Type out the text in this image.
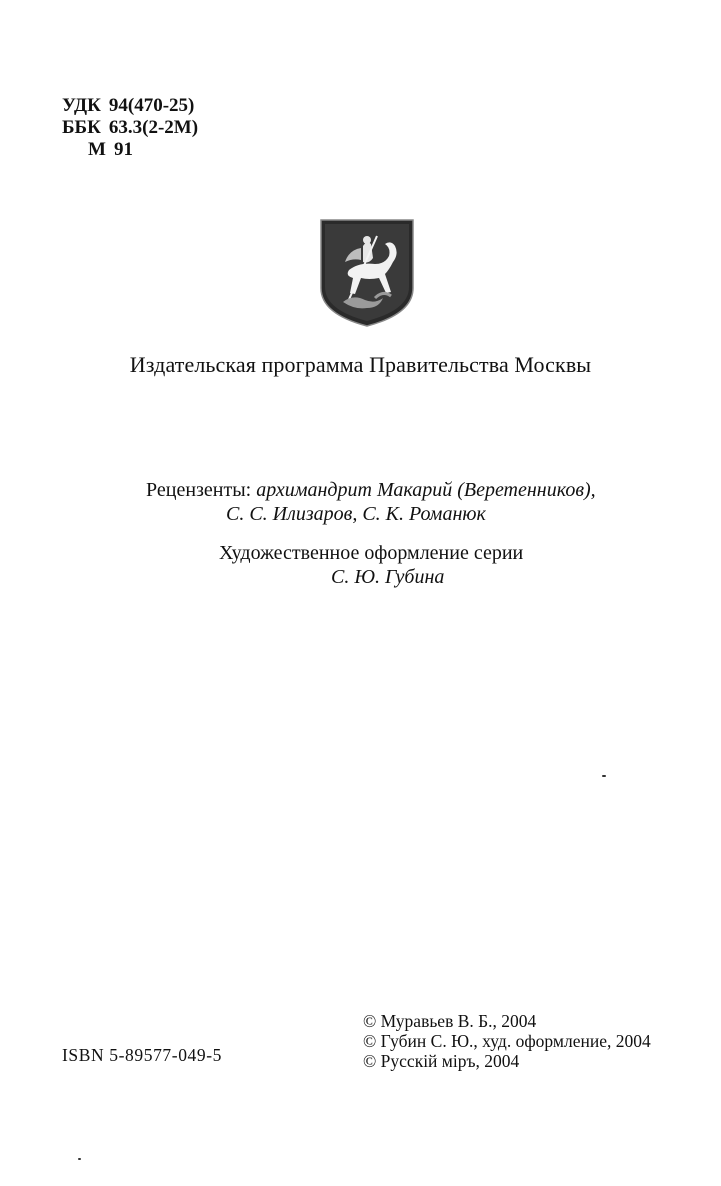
УДК 94(470-25)
ББК 63.3(2-2М)
М 91
Издательская программа Правительства Москвы
Рецензенты: архимандрит Макарий (Веретенников),
С. С. Илизаров, С. К. Романюк
Художественное оформление серии
С. Ю. Губина
© Муравьев В. Б., 2004
© Губин С. Ю., худ. оформление, 2004
© Русскій міръ, 2004
ISBN 5-89577-049-5
